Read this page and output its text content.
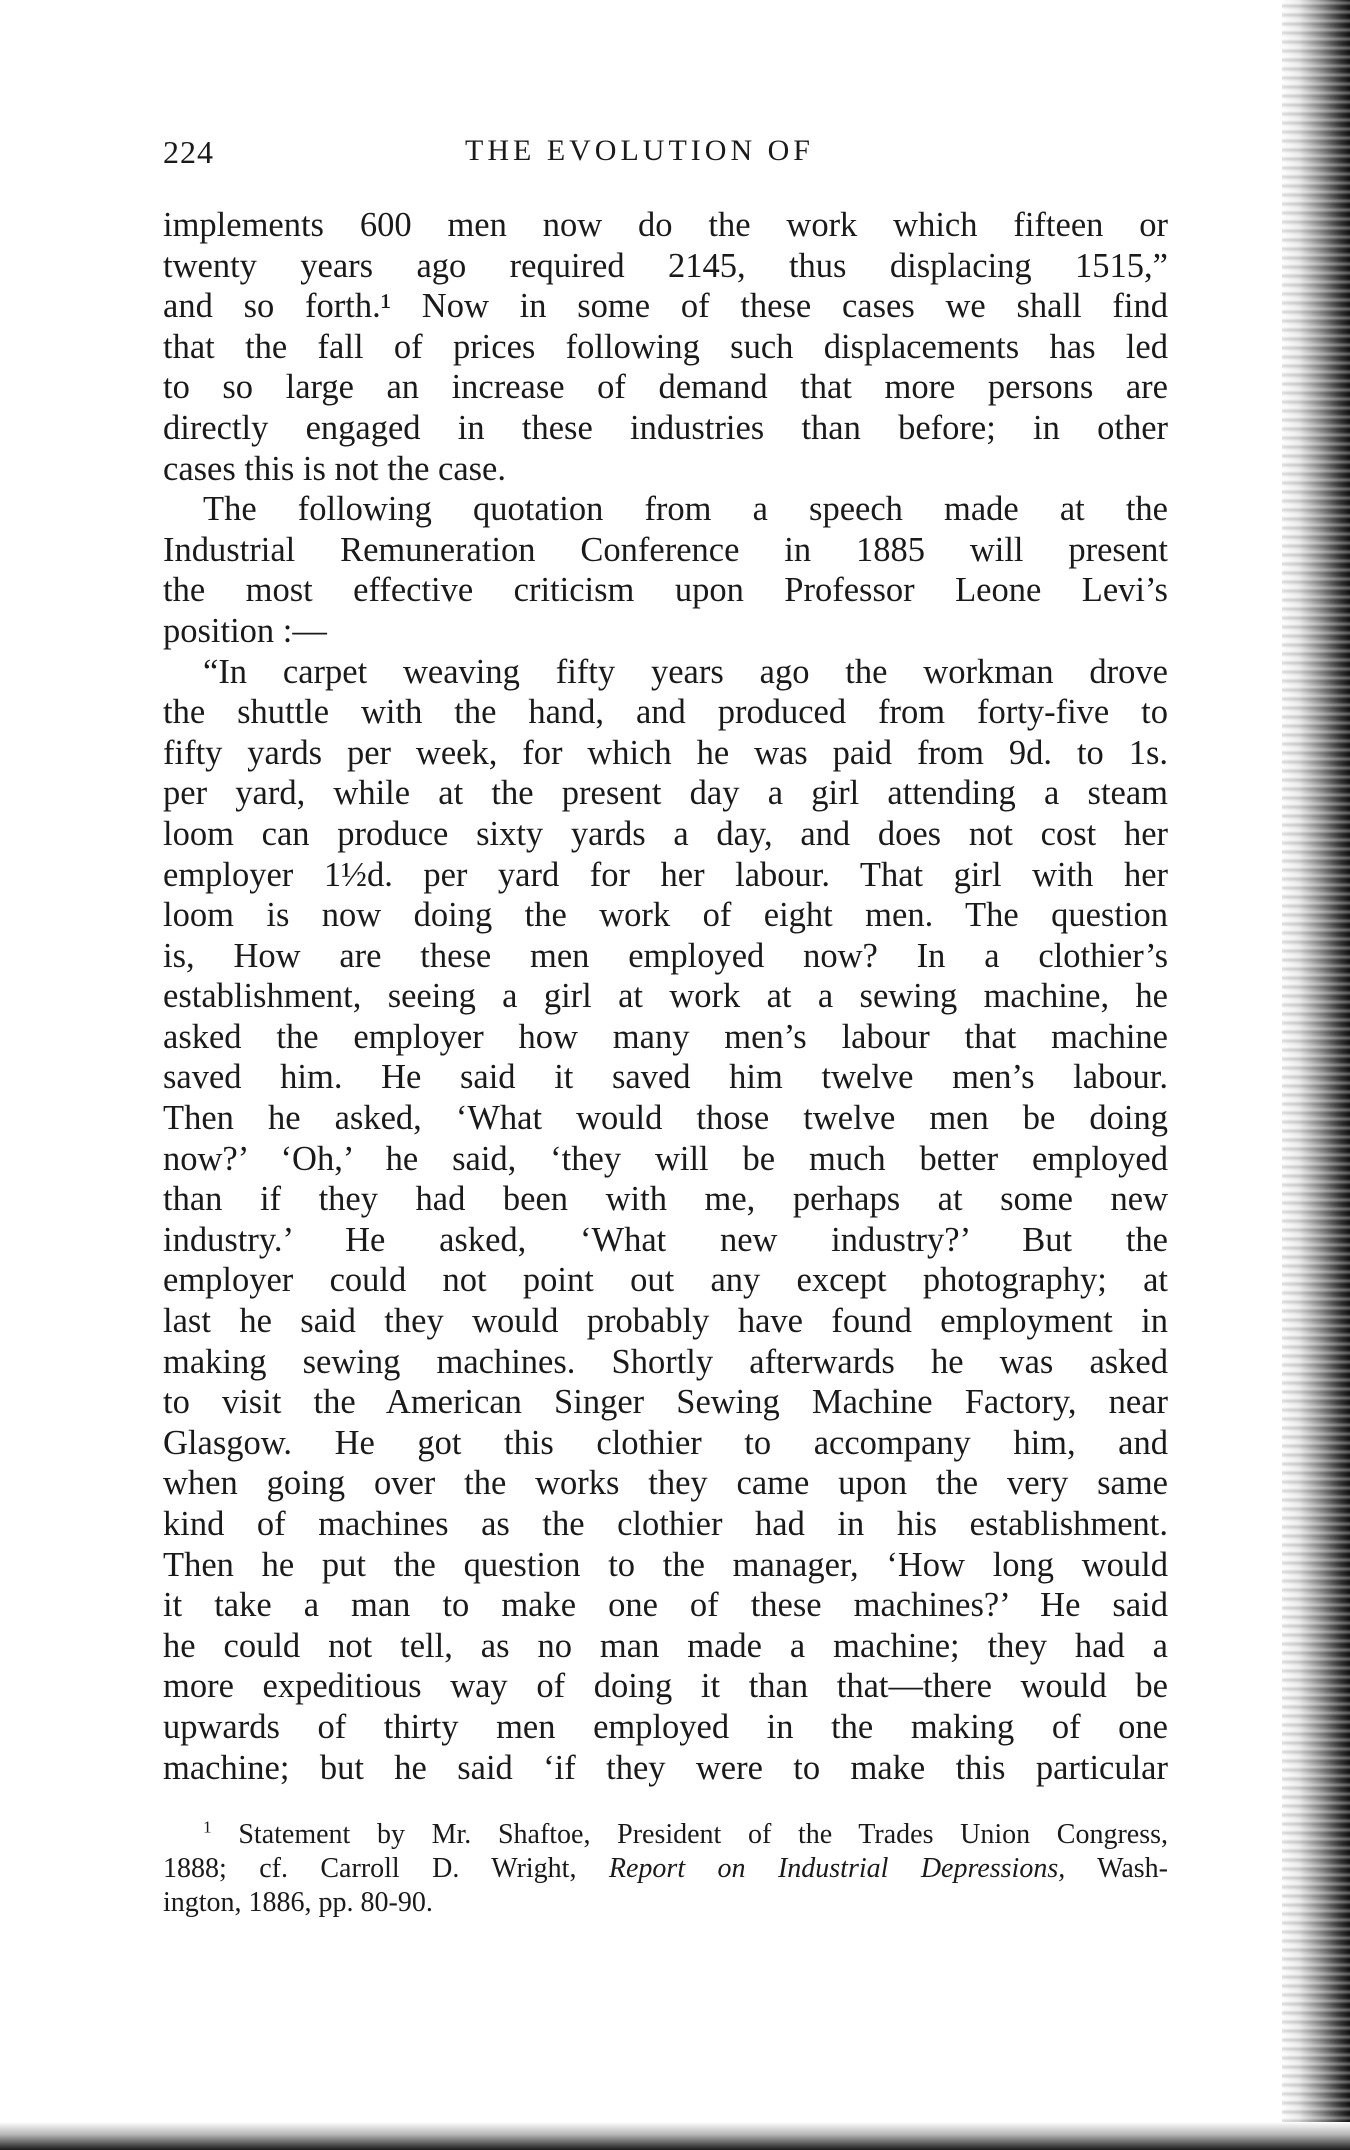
224	THE EVOLUTION OF
implements 600 men now do the work which fifteen or
twenty years ago required 2145, thus displacing 1515,”
and so forth.¹ Now in some of these cases we shall find
that the fall of prices following such displacements has led
to so large an increase of demand that more persons are
directly engaged in these industries than before; in other
cases this is not the case.
The following quotation from a speech made at the
Industrial Remuneration Conference in 1885 will present
the most effective criticism upon Professor Leone Levi’s
position :—
“In carpet weaving fifty years ago the workman drove
the shuttle with the hand, and produced from forty-five to
fifty yards per week, for which he was paid from 9d. to 1s.
per yard, while at the present day a girl attending a steam
loom can produce sixty yards a day, and does not cost her
employer 1½d. per yard for her labour. That girl with her
loom is now doing the work of eight men. The question
is, How are these men employed now? In a clothier’s
establishment, seeing a girl at work at a sewing machine, he
asked the employer how many men’s labour that machine
saved him. He said it saved him twelve men’s labour.
Then he asked, ‘What would those twelve men be doing
now?’ ‘Oh,’ he said, ‘they will be much better employed
than if they had been with me, perhaps at some new
industry.’ He asked, ‘What new industry?’ But the
employer could not point out any except photography; at
last he said they would probably have found employment in
making sewing machines. Shortly afterwards he was asked
to visit the American Singer Sewing Machine Factory, near
Glasgow. He got this clothier to accompany him, and
when going over the works they came upon the very same
kind of machines as the clothier had in his establishment.
Then he put the question to the manager, ‘How long would
it take a man to make one of these machines?’ He said
he could not tell, as no man made a machine; they had a
more expeditious way of doing it than that—there would be
upwards of thirty men employed in the making of one
machine; but he said ‘if they were to make this particular
$^1$ Statement by Mr. Shaftoe, President of the Trades Union Congress,
1888; cf. Carroll D. Wright, Report on Industrial Depressions, Wash-
ington, 1886, pp. 80-90.
